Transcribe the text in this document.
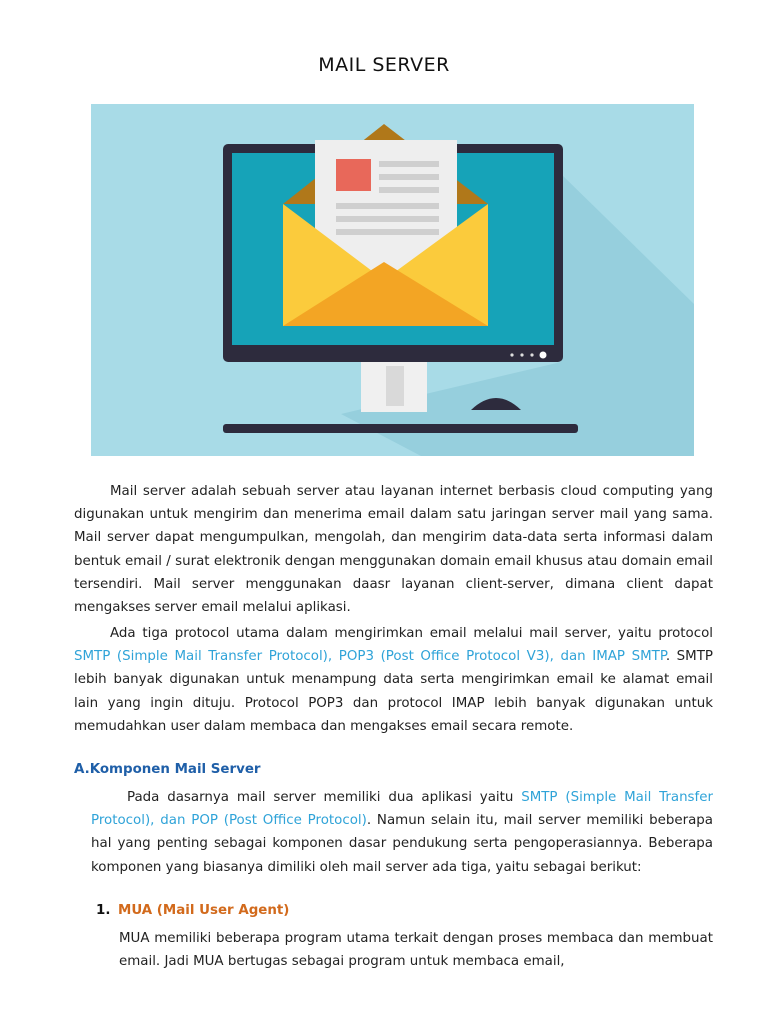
MAIL SERVER
Mail server adalah sebuah server atau layanan internet berbasis cloud computing yang digunakan untuk mengirim dan menerima email dalam satu jaringan server mail yang sama. Mail server dapat mengumpulkan, mengolah, dan mengirim data-data serta informasi dalam bentuk email / surat elektronik dengan menggunakan domain email khusus atau domain email tersendiri. Mail server menggunakan daasr layanan client-server, dimana client dapat mengakses server email melalui aplikasi.
Ada tiga protocol utama dalam mengirimkan email melalui mail server, yaitu protocol SMTP (Simple Mail Transfer Protocol), POP3 (Post Office Protocol V3), dan IMAP SMTP. SMTP lebih banyak digunakan untuk menampung data serta mengirimkan email ke alamat email lain yang ingin dituju. Protocol POP3 dan protocol IMAP lebih banyak digunakan untuk memudahkan user dalam membaca dan mengakses email secara remote.
A.Komponen Mail Server
Pada dasarnya mail server memiliki dua aplikasi yaitu SMTP (Simple Mail Transfer Protocol), dan POP (Post Office Protocol). Namun selain itu, mail server memiliki beberapa hal yang penting sebagai komponen dasar pendukung serta pengoperasiannya. Beberapa komponen yang biasanya dimiliki oleh mail server ada tiga, yaitu sebagai berikut:
1. MUA (Mail User Agent)
MUA memiliki beberapa program utama terkait dengan proses membaca dan membuat email. Jadi MUA bertugas sebagai program untuk membaca email,
